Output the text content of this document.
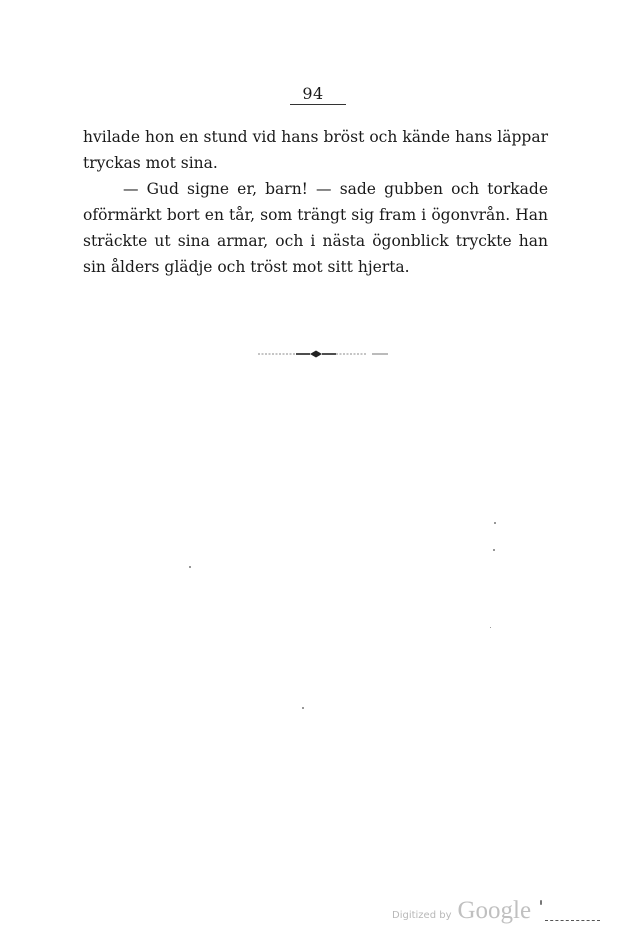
94

hvilade hon en stund vid hans bröst och kände hans läppar tryckas mot sina.

— Gud signe er, barn! — sade gubben och torkade oförmärkt bort en tår, som trängt sig fram i ögonvrån. Han sträckte ut sina armar, och i nästa ögonblick tryckte han sin ålders glädje och tröst mot sitt hjerta.

Digitized by Google
